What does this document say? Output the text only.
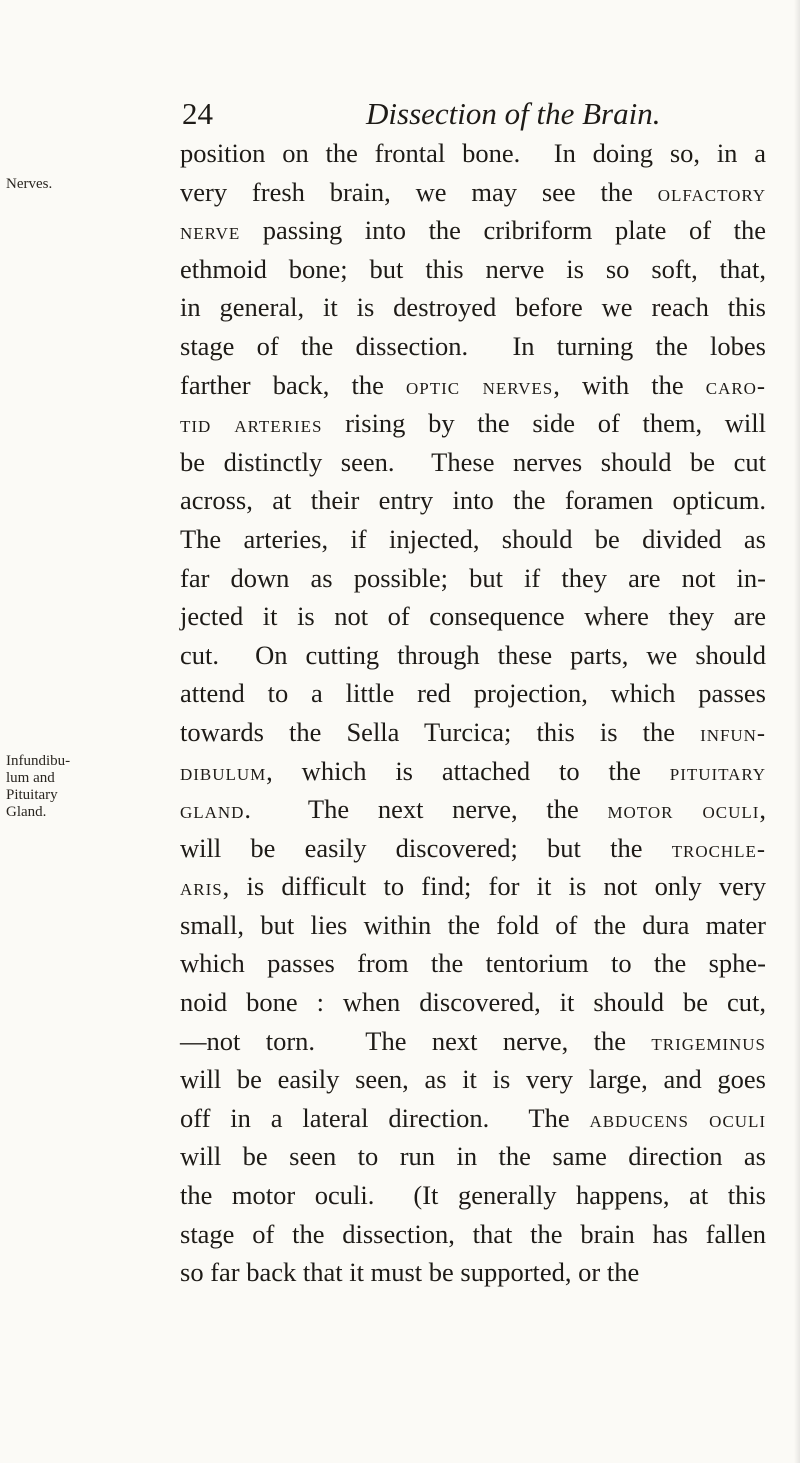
24	Dissection of the Brain.
Nerves.
Infundibu-
lum and
Pituitary
Gland.
position on the frontal bone.  In doing so, in a
very fresh brain, we may see the olfactory
nerve passing into the cribriform plate of the
ethmoid bone; but this nerve is so soft, that,
in general, it is destroyed before we reach this
stage of the dissection.  In turning the lobes
farther back, the optic nerves, with the caro-
tid arteries rising by the side of them, will
be distinctly seen.  These nerves should be cut
across, at their entry into the foramen opticum.
The arteries, if injected, should be divided as
far down as possible; but if they are not in-
jected it is not of consequence where they are
cut.  On cutting through these parts, we should
attend to a little red projection, which passes
towards the Sella Turcica; this is the infun-
dibulum, which is attached to the pituitary
gland.  The next nerve, the motor oculi,
will be easily discovered; but the trochle-
aris, is difficult to find; for it is not only very
small, but lies within the fold of the dura mater
which passes from the tentorium to the sphe-
noid bone : when discovered, it should be cut,
—not torn.  The next nerve, the trigeminus
will be easily seen, as it is very large, and goes
off in a lateral direction.  The abducens oculi
will be seen to run in the same direction as
the motor oculi.  (It generally happens, at this
stage of the dissection, that the brain has fallen
so far back that it must be supported, or the
